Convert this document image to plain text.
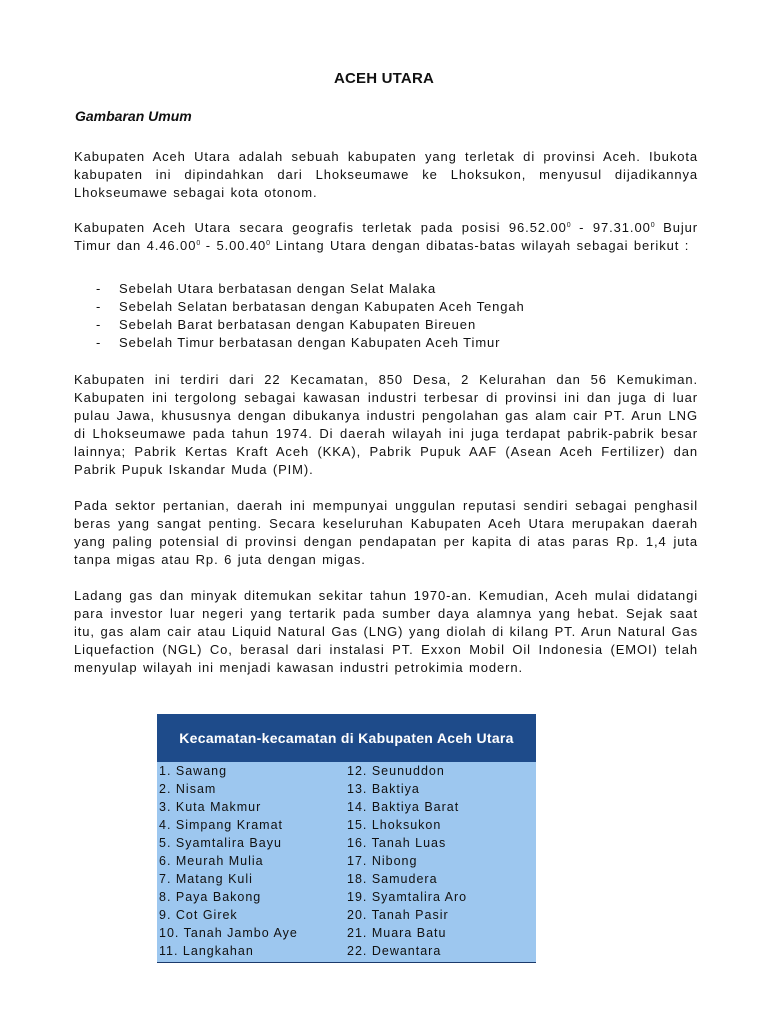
ACEH UTARA
Gambaran Umum

Kabupaten Aceh Utara adalah sebuah kabupaten yang terletak di provinsi Aceh. Ibukota kabupaten ini dipindahkan dari Lhokseumawe ke Lhoksukon, menyusul dijadikannya Lhokseumawe sebagai kota otonom.

Kabupaten Aceh Utara secara geografis terletak pada posisi 96.52.00$^0$ - 97.31.00$^0$ Bujur Timur dan 4.46.00$^0$ - 5.00.40$^0$ Lintang Utara dengan dibatas-batas wilayah sebagai berikut :

- Sebelah Utara berbatasan dengan Selat Malaka
- Sebelah Selatan berbatasan dengan Kabupaten Aceh Tengah
- Sebelah Barat berbatasan dengan Kabupaten Bireuen
- Sebelah Timur berbatasan dengan Kabupaten Aceh Timur

Kabupaten ini terdiri dari 22 Kecamatan, 850 Desa, 2 Kelurahan dan 56 Kemukiman. Kabupaten ini tergolong sebagai kawasan industri terbesar di provinsi ini dan juga di luar pulau Jawa, khususnya dengan dibukanya industri pengolahan gas alam cair PT. Arun LNG di Lhokseumawe pada tahun 1974. Di daerah wilayah ini juga terdapat pabrik-pabrik besar lainnya; Pabrik Kertas Kraft Aceh (KKA), Pabrik Pupuk AAF (Asean Aceh Fertilizer) dan Pabrik Pupuk Iskandar Muda (PIM).

Pada sektor pertanian, daerah ini mempunyai unggulan reputasi sendiri sebagai penghasil beras yang sangat penting. Secara keseluruhan Kabupaten Aceh Utara merupakan daerah yang paling potensial di provinsi dengan pendapatan per kapita di atas paras Rp. 1,4 juta tanpa migas atau Rp. 6 juta dengan migas.

Ladang gas dan minyak ditemukan sekitar tahun 1970-an. Kemudian, Aceh mulai didatangi para investor luar negeri yang tertarik pada sumber daya alamnya yang hebat. Sejak saat itu, gas alam cair atau Liquid Natural Gas (LNG) yang diolah di kilang PT. Arun Natural Gas Liquefaction (NGL) Co, berasal dari instalasi PT. Exxon Mobil Oil Indonesia (EMOI) telah menyulap wilayah ini menjadi kawasan industri petrokimia modern.

Kecamatan-kecamatan di Kabupaten Aceh Utara
1. Sawang
2. Nisam
3. Kuta Makmur
4. Simpang Kramat
5. Syamtalira Bayu
6. Meurah Mulia
7. Matang Kuli
8. Paya Bakong
9. Cot Girek
10. Tanah Jambo Aye
11. Langkahan
12. Seunuddon
13. Baktiya
14. Baktiya Barat
15. Lhoksukon
16. Tanah Luas
17. Nibong
18. Samudera
19. Syamtalira Aro
20. Tanah Pasir
21. Muara Batu
22. Dewantara
